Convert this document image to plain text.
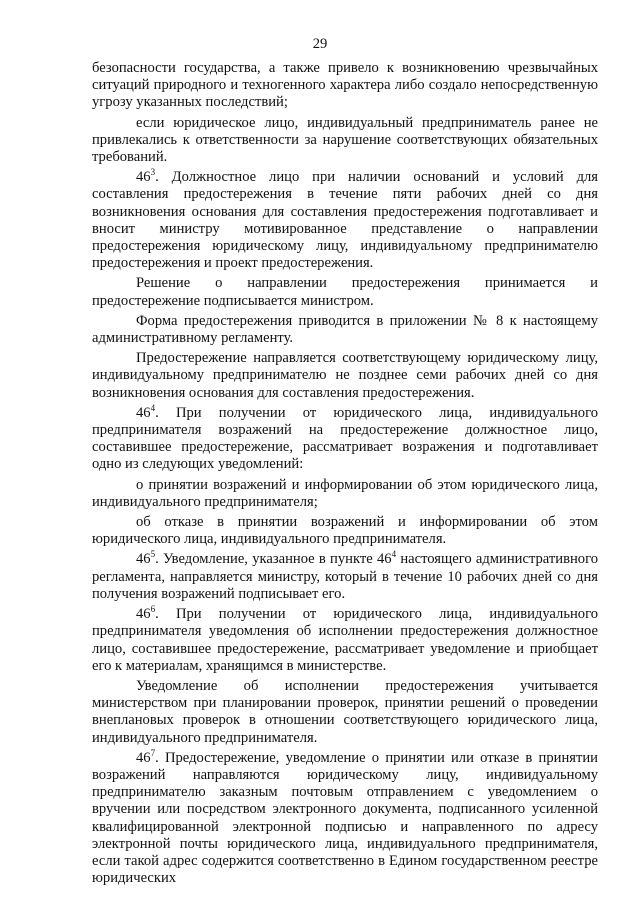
29

безопасности государства, а также привело к возникновению чрезвычайных ситуаций природного и техногенного характера либо создало непосредственную угрозу указанных последствий;

если юридическое лицо, индивидуальный предприниматель ранее не привлекались к ответственности за нарушение соответствующих обязательных требований.

$46^3$. Должностное лицо при наличии оснований и условий для составления предостережения в течение пяти рабочих дней со дня возникновения основания для составления предостережения подготавливает и вносит министру мотивированное представление о направлении предостережения юридическому лицу, индивидуальному предпринимателю предостережения и проект предостережения.

Решение о направлении предостережения принимается и предостережение подписывается министром.

Форма предостережения приводится в приложении № 8 к настоящему административному регламенту.

Предостережение направляется соответствующему юридическому лицу, индивидуальному предпринимателю не позднее семи рабочих дней со дня возникновения основания для составления предостережения.

$46^4$. При получении от юридического лица, индивидуального предпринимателя возражений на предостережение должностное лицо, составившее предостережение, рассматривает возражения и подготавливает одно из следующих уведомлений:

о принятии возражений и информировании об этом юридического лица, индивидуального предпринимателя;

об отказе в принятии возражений и информировании об этом юридического лица, индивидуального предпринимателя.

$46^5$. Уведомление, указанное в пункте $46^4$ настоящего административного регламента, направляется министру, который в течение 10 рабочих дней со дня получения возражений подписывает его.

$46^6$. При получении от юридического лица, индивидуального предпринимателя уведомления об исполнении предостережения должностное лицо, составившее предостережение, рассматривает уведомление и приобщает его к материалам, хранящимся в министерстве.

Уведомление об исполнении предостережения учитывается министерством при планировании проверок, принятии решений о проведении внеплановых проверок в отношении соответствующего юридического лица, индивидуального предпринимателя.

$46^7$. Предостережение, уведомление о принятии или отказе в принятии возражений направляются юридическому лицу, индивидуальному предпринимателю заказным почтовым отправлением с уведомлением о вручении или посредством электронного документа, подписанного усиленной квалифицированной электронной подписью и направленного по адресу электронной почты юридического лица, индивидуального предпринимателя, если такой адрес содержится соответственно в Едином государственном реестре юридических
